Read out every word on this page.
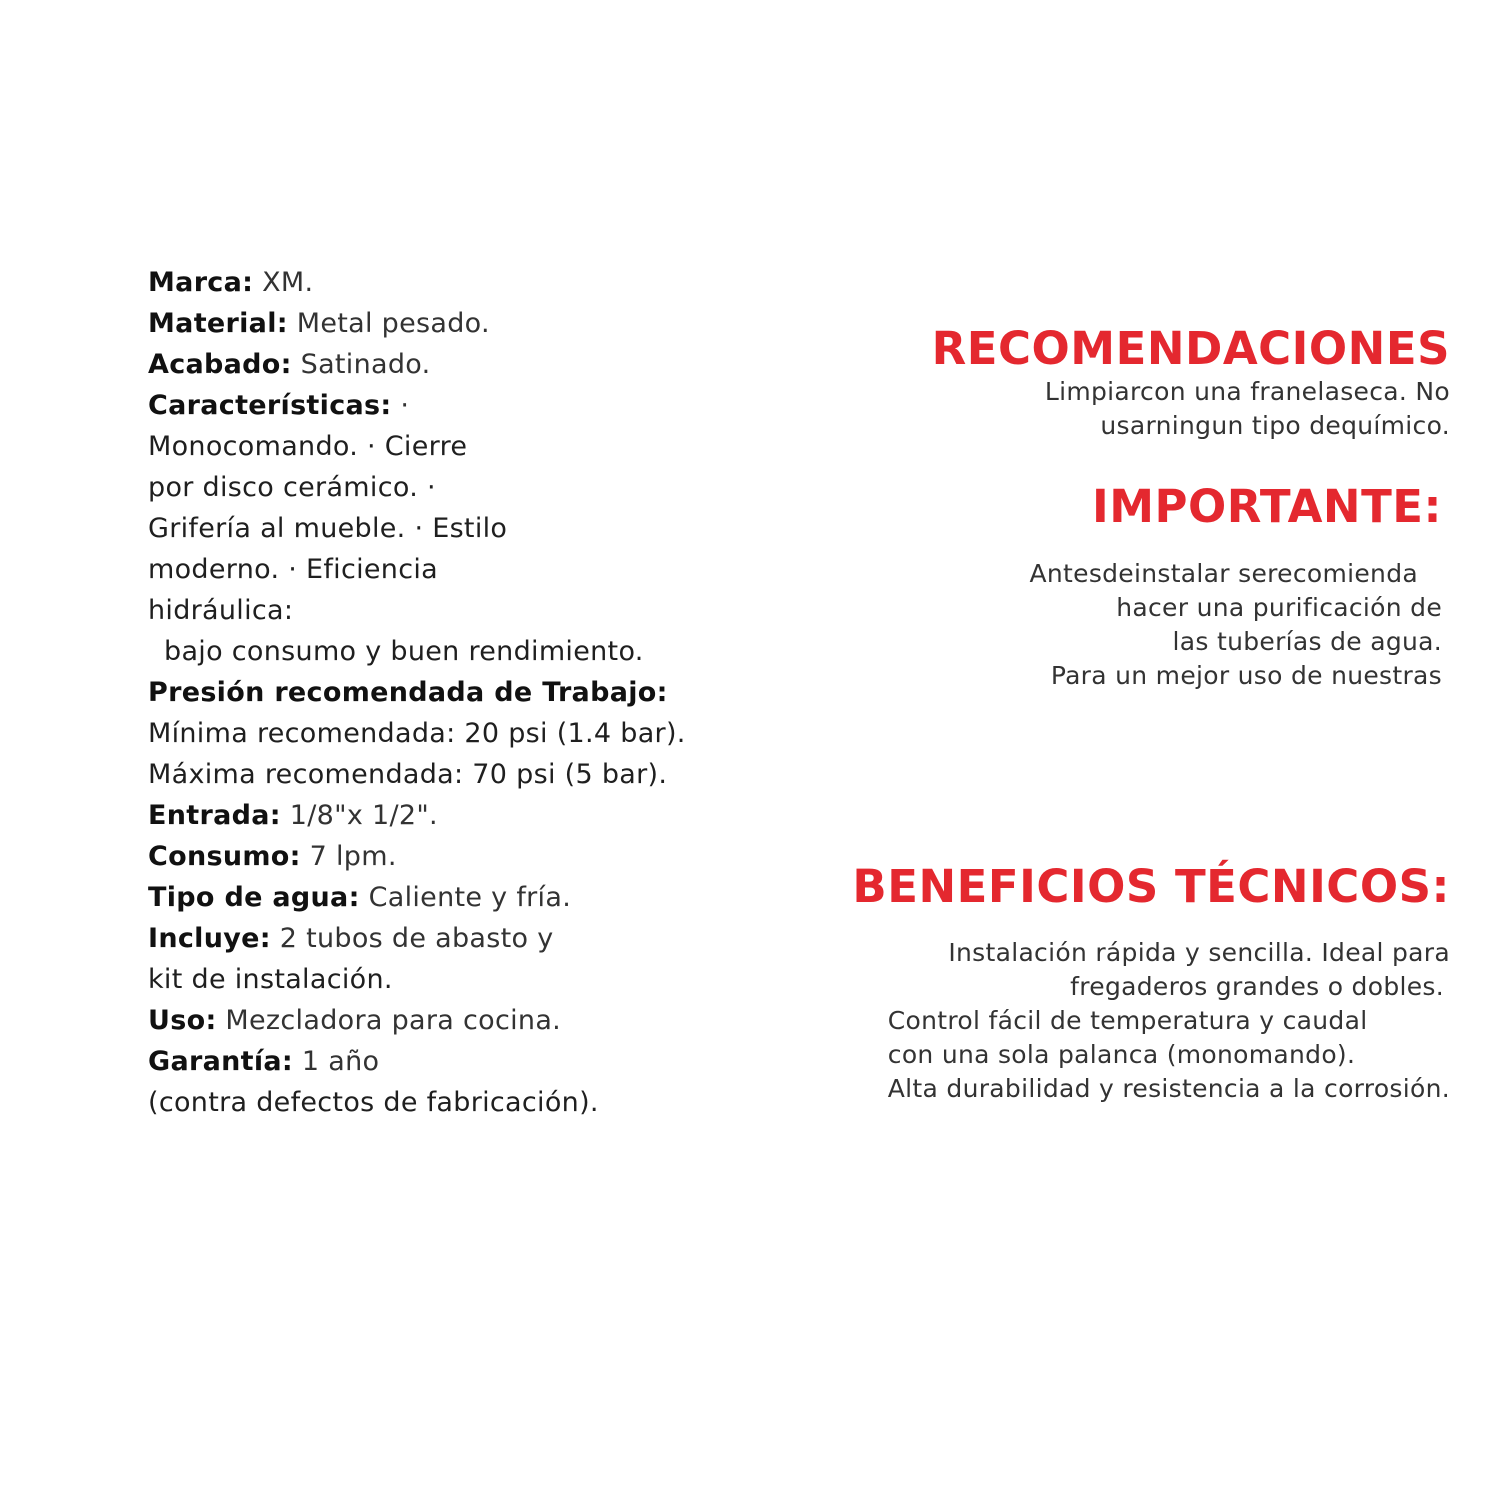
Marca: XM.
Material: Metal pesado.
Acabado: Satinado.
Características: ·
Monocomando. · Cierre
por disco cerámico. ·
Grifería al mueble. · Estilo
moderno. · Eficiencia
hidráulica:
bajo consumo y buen rendimiento.
Presión recomendada de Trabajo:
Mínima recomendada: 20 psi (1.4 bar).
Máxima recomendada: 70 psi (5 bar).
Entrada: 1/8"x 1/2".
Consumo: 7 lpm.
Tipo de agua: Caliente y fría.
Incluye: 2 tubos de abasto y
kit de instalación.
Uso: Mezcladora para cocina.
Garantía: 1 año
(contra defectos de fabricación).
RECOMENDACIONES
Limpiarcon una franelaseca. No
usarningun tipo dequímico.
IMPORTANTE:
Antesdeinstalar serecomienda
hacer una purificación de
las tuberías de agua.
Para un mejor uso de nuestras
BENEFICIOS TÉCNICOS:
Instalación rápida y sencilla. Ideal para
fregaderos grandes o dobles.
Control fácil de temperatura y caudal
con una sola palanca (monomando).
Alta durabilidad y resistencia a la corrosión.
